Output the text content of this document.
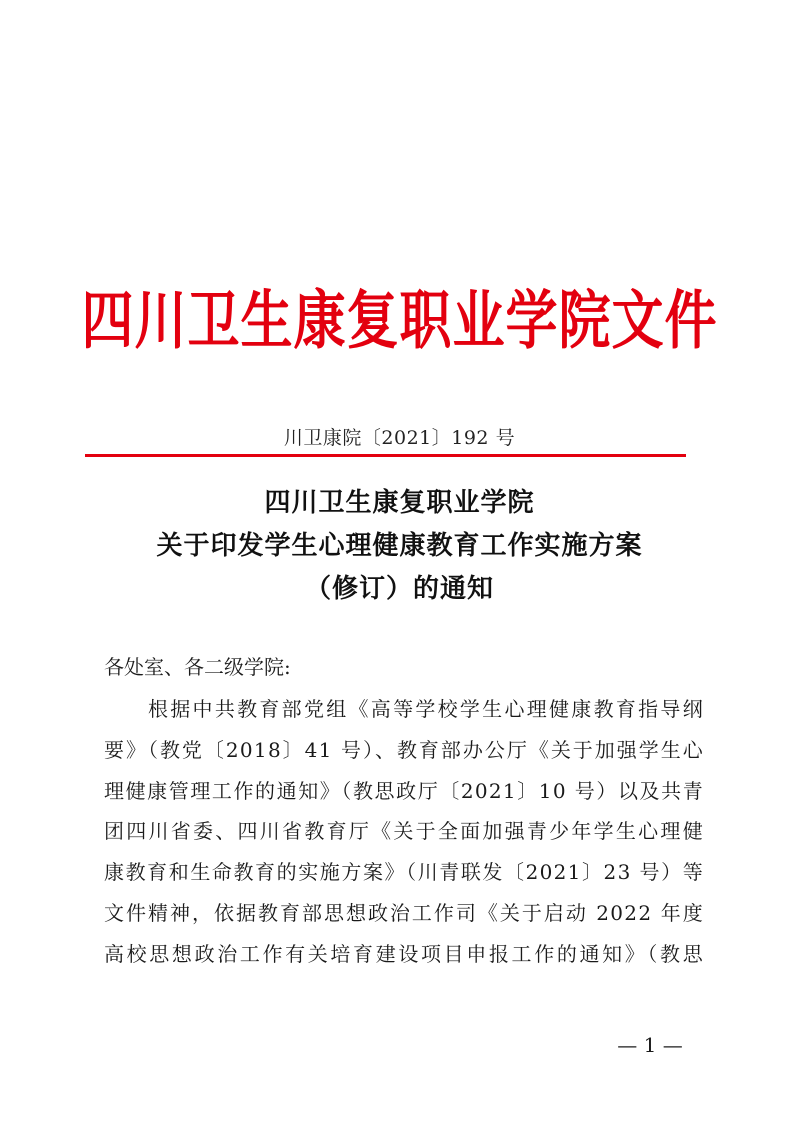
四川卫生康复职业学院文件
川卫康院〔2021〕192 号
四川卫生康复职业学院
关于印发学生心理健康教育工作实施方案
（修订）的通知
各处室、各二级学院:
根据中共教育部党组《高等学校学生心理健康教育指导纲
要》（教党〔2018〕41 号）、教育部办公厅《关于加强学生心
理健康管理工作的通知》（教思政厅〔2021〕10 号）以及共青
团四川省委、四川省教育厅《关于全面加强青少年学生心理健
康教育和生命教育的实施方案》（川青联发〔2021〕23 号）等
文件精神，依据教育部思想政治工作司《关于启动 2022 年度
高校思想政治工作有关培育建设项目申报工作的通知》（教思
— 1 —
